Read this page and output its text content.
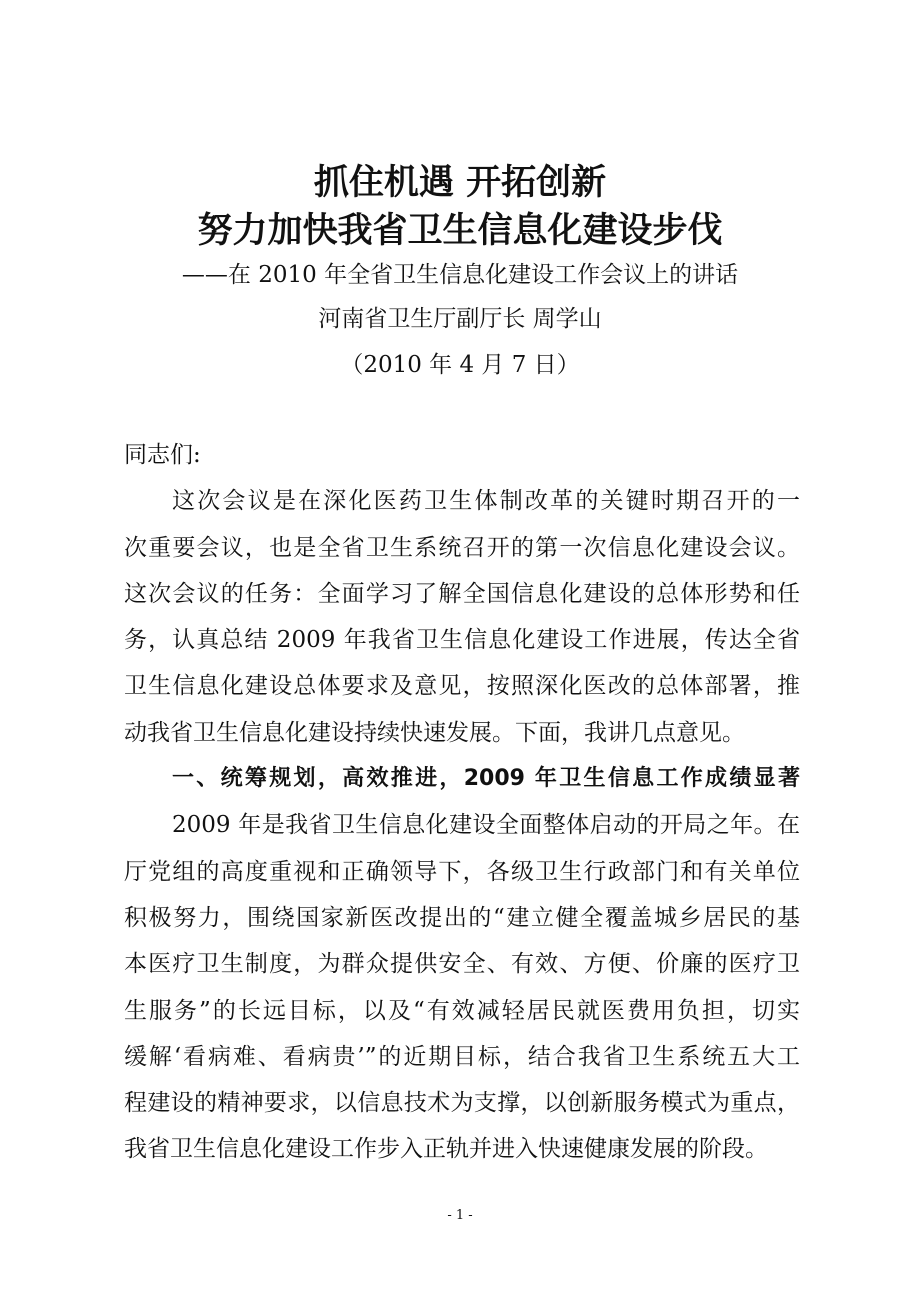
抓住机遇 开拓创新
努力加快我省卫生信息化建设步伐
——在 2010 年全省卫生信息化建设工作会议上的讲话
河南省卫生厅副厅长 周学山
（2010 年 4 月 7 日）
同志们:
这次会议是在深化医药卫生体制改革的关键时期召开的一
次重要会议，也是全省卫生系统召开的第一次信息化建设会议。
这次会议的任务：全面学习了解全国信息化建设的总体形势和任
务，认真总结 2009 年我省卫生信息化建设工作进展，传达全省
卫生信息化建设总体要求及意见，按照深化医改的总体部署，推
动我省卫生信息化建设持续快速发展。下面，我讲几点意见。
一、统筹规划，高效推进，2009 年卫生信息工作成绩显著
2009 年是我省卫生信息化建设全面整体启动的开局之年。在
厅党组的高度重视和正确领导下，各级卫生行政部门和有关单位
积极努力，围绕国家新医改提出的“建立健全覆盖城乡居民的基
本医疗卫生制度，为群众提供安全、有效、方便、价廉的医疗卫
生服务”的长远目标，以及“有效减轻居民就医费用负担，切实
缓解‘看病难、看病贵’”的近期目标，结合我省卫生系统五大工
程建设的精神要求，以信息技术为支撑，以创新服务模式为重点，
我省卫生信息化建设工作步入正轨并进入快速健康发展的阶段。
- 1 -
